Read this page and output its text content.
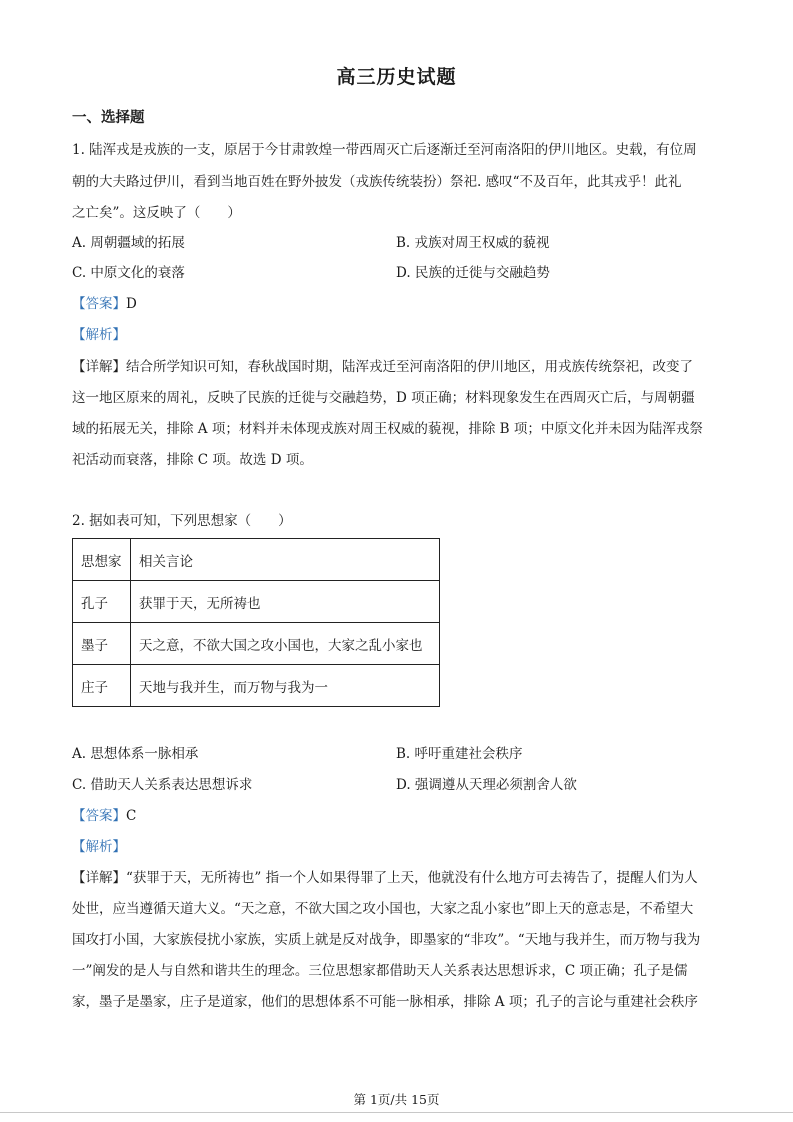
高三历史试题
一、选择题
1. 陆浑戎是戎族的一支，原居于今甘肃敦煌一带西周灭亡后逐渐迁至河南洛阳的伊川地区。史载，有位周
朝的大夫路过伊川，看到当地百姓在野外披发（戎族传统装扮）祭祀. 感叹“不及百年，此其戎乎！此礼
之亡矣”。这反映了（　　）
A. 周朝疆域的拓展	B. 戎族对周王权威的藐视
C. 中原文化的衰落	D. 民族的迁徙与交融趋势
【答案】D
【解析】
【详解】结合所学知识可知，春秋战国时期，陆浑戎迁至河南洛阳的伊川地区，用戎族传统祭祀，改变了
这一地区原来的周礼，反映了民族的迁徙与交融趋势，D 项正确；材料现象发生在西周灭亡后，与周朝疆
域的拓展无关，排除 A 项；材料并未体现戎族对周王权威的藐视，排除 B 项；中原文化并未因为陆浑戎祭
祀活动而衰落，排除 C 项。故选 D 项。
2. 据如表可知，下列思想家（　　）
思想家	相关言论
孔子	获罪于天，无所祷也
墨子	天之意，不欲大国之攻小国也，大家之乱小家也
庄子	天地与我并生，而万物与我为一
A. 思想体系一脉相承	B. 呼吁重建社会秩序
C. 借助天人关系表达思想诉求	D. 强调遵从天理必须割舍人欲
【答案】C
【解析】
【详解】“获罪于天，无所祷也” 指一个人如果得罪了上天，他就没有什么地方可去祷告了，提醒人们为人
处世，应当遵循天道大义。“天之意，不欲大国之攻小国也，大家之乱小家也”即上天的意志是，不希望大
国攻打小国，大家族侵扰小家族，实质上就是反对战争，即墨家的“非攻”。“天地与我并生，而万物与我为
一”阐发的是人与自然和谐共生的理念。三位思想家都借助天人关系表达思想诉求，C 项正确；孔子是儒
家，墨子是墨家，庄子是道家，他们的思想体系不可能一脉相承，排除 A 项；孔子的言论与重建社会秩序
第 1页/共 15页
